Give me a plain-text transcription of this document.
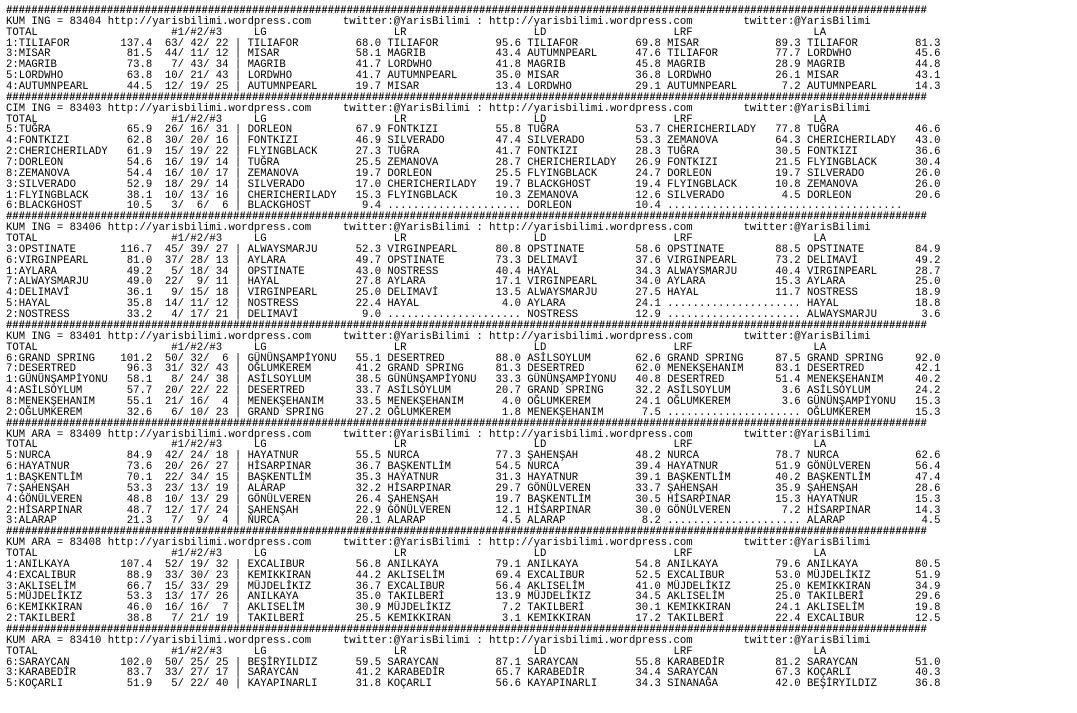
##################################################################################################################################################
KUM ING = 83404 http://yarisbilimi.wordpress.com     twitter:@YarisBilimi : http://yarisbilimi.wordpress.com        twitter:@YarisBilimi
TOTAL                     #1/#2/#3     LG                    LR                    LD                    LRF                   LA
1:TILIAFOR        137.4  63/ 42/ 22 | TILIAFOR         68.0 TILIAFOR         95.6 TILIAFOR         69.8 MISAR            89.3 TILIAFOR         81.3
3:MISAR            81.5  44/ 11/ 12 | MISAR            58.1 MAGRIB           43.4 AUTUMNPEARL      47.6 TILIAFOR         77.7 LORDWHO          45.6
2:MAGRIB           73.8   7/ 43/ 34 | MAGRIB           41.7 LORDWHO          41.8 MAGRIB           45.8 MAGRIB           28.9 MAGRIB           44.8
5:LORDWHO          63.8  10/ 21/ 43 | LORDWHO          41.7 AUTUMNPEARL      35.0 MISAR            36.8 LORDWHO          26.1 MISAR            43.1
4:AUTUMNPEARL      44.5  12/ 19/ 25 | AUTUMNPEARL      19.7 MISAR            13.4 LORDWHO          29.1 AUTUMNPEARL       7.2 AUTUMNPEARL      14.3
##################################################################################################################################################
CIM ING = 83403 http://yarisbilimi.wordpress.com     twitter:@YarisBilimi : http://yarisbilimi.wordpress.com        twitter:@YarisBilimi
TOTAL                     #1/#2/#3     LG                    LR                    LD                    LRF                   LA
5:TUĞRA            65.9  26/ 16/ 31 | DORLEON          67.9 FONTKIZI         55.8 TUĞRA            53.7 CHERICHERILADY   77.8 TUĞRA            46.6
4:FONTKIZI         62.8  30/ 20/ 16 | FONTKIZI         46.9 SILVERADO        47.4 SILVERADO        53.3 ZEMANOVA         64.3 CHERICHERILADY   43.0
2:CHERICHERILADY   61.9  15/ 19/ 22 | FLYINGBLACK      27.3 TUĞRA            41.7 FONTKIZI         28.3 TUĞRA            30.5 FONTKIZI         36.6
7:DORLEON          54.6  16/ 19/ 14 | TUĞRA            25.5 ZEMANOVA         28.7 CHERICHERILADY   26.9 FONTKIZI         21.5 FLYINGBLACK      30.4
8:ZEMANOVA         54.4  16/ 10/ 17 | ZEMANOVA         19.7 DORLEON          25.5 FLYINGBLACK      24.7 DORLEON          19.7 SILVERADO        26.0
3:SILVERADO        52.9  18/ 29/ 14 | SILVERADO        17.0 CHERICHERILADY   19.7 BLACKGHOST       19.4 FLYINGBLACK      10.8 ZEMANOVA         26.0
1:FLYINGBLACK      38.1  10/ 13/ 16 | CHERICHERILADY   15.3 FLYINGBLACK      10.3 ZEMANOVA         12.6 SILVERADO         4.5 DORLEON          20.6
6:BLACKGHOST       10.5   3/  6/  6 | BLACKGHOST        9.4 ..................... DORLEON          10.4 .....................................
##################################################################################################################################################
KUM ING = 83406 http://yarisbilimi.wordpress.com     twitter:@YarisBilimi : http://yarisbilimi.wordpress.com        twitter:@YarisBilimi
TOTAL                     #1/#2/#3     LG                    LR                    LD                    LRF                   LA
3:OPSTINATE       116.7  45/ 39/ 27 | ALWAYSMARJU      52.3 VIRGINPEARL      80.8 OPSTINATE        58.6 OPSTINATE        88.5 OPSTINATE        84.9
6:VIRGINPEARL      81.0  37/ 28/ 13 | AYLARA           49.7 OPSTINATE        73.3 DELIMAVİ         37.6 VIRGINPEARL      73.2 DELIMAVİ         49.2
1:AYLARA           49.2   5/ 18/ 34 | OPSTINATE        43.0 NOSTRESS         40.4 HAYAL            34.3 ALWAYSMARJU      40.4 VIRGINPEARL      28.7
7:ALWAYSMARJU      49.0  22/  9/ 11 | HAYAL            27.8 AYLARA           17.1 VIRGINPEARL      34.0 AYLARA           15.3 AYLARA           25.0
4:DELIMAVİ         36.1   9/ 15/ 18 | VIRGINPEARL      25.0 DELIMAVİ         13.5 ALWAYSMARJU      27.5 HAYAL            11.7 NOSTRESS         18.9
5:HAYAL            35.8  14/ 11/ 12 | NOSTRESS         22.4 HAYAL             4.0 AYLARA           24.1 ..................... HAYAL            18.8
2:NOSTRESS         33.2   4/ 17/ 21 | DELIMAVİ          9.0 ..................... NOSTRESS         12.9 ..................... ALWAYSMARJU       3.6
##################################################################################################################################################
KUM ING = 83401 http://yarisbilimi.wordpress.com     twitter:@YarisBilimi : http://yarisbilimi.wordpress.com        twitter:@YarisBilimi
TOTAL                     #1/#2/#3     LG                    LR                    LD                    LRF                   LA
6:GRAND SPRING    101.2  50/ 32/  6 | GÜNÜNŞAMPİYONU   55.1 DESERTRED        88.0 ASİLSOYLUM       62.6 GRAND SPRING     87.5 GRAND SPRING     92.0
7:DESERTRED        96.3  31/ 32/ 43 | OĞLUMKEREM       41.2 GRAND SPRING     81.3 DESERTRED        62.0 MENEKŞEHANIM     83.1 DESERTRED        42.1
1:GÜNÜNŞAMPİYONU   58.1   8/ 24/ 38 | ASİLSOYLUM       38.5 GÜNÜNŞAMPİYONU   33.3 GÜNÜNŞAMPİYONU   40.8 DESERTRED        51.4 MENEKŞEHANIM     40.2
4:ASİLSOYLUM       57.7  20/ 22/ 22 | DESERTRED        33.7 ASİLSOYLUM       20.7 GRAND SPRING     32.2 ASİLSOYLUM        3.6 ASİLSOYLUM       24.2
8:MENEKŞEHANIM     55.1  21/ 16/  4 | MENEKŞEHANIM     33.5 MENEKŞEHANIM      4.0 OĞLUMKEREM       24.1 OĞLUMKEREM        3.6 GÜNÜNŞAMPİYONU   15.3
2:OĞLUMKEREM       32.6   6/ 10/ 23 | GRAND SPRING     27.2 OĞLUMKEREM        1.8 MENEKŞEHANIM      7.5 ..................... OĞLUMKEREM       15.3
##################################################################################################################################################
KUM ARA = 83409 http://yarisbilimi.wordpress.com     twitter:@YarisBilimi : http://yarisbilimi.wordpress.com        twitter:@YarisBilimi
TOTAL                     #1/#2/#3     LG                    LR                    LD                    LRF                   LA
5:NURCA            84.9  42/ 24/ 18 | HAYATNUR         55.5 NURCA            77.3 ŞAHENŞAH         48.2 NURCA            78.7 NURCA            62.6
6:HAYATNUR         73.6  20/ 26/ 27 | HİSARPINAR       36.7 BAŞKENTLİM       54.5 NURCA            39.4 HAYATNUR         51.9 GÖNÜLVEREN       56.4
1:BAŞKENTLİM       70.1  22/ 34/ 15 | BAŞKENTLİM       35.3 HAYATNUR         31.3 HAYATNUR         39.1 BAŞKENTLİM       40.2 BAŞKENTLİM       47.4
7:ŞAHENŞAH         53.3  23/ 13/ 19 | ALARAP           32.2 HİSARPINAR       29.7 GÖNÜLVEREN       33.7 ŞAHENŞAH         35.9 ŞAHENŞAH         28.6
4:GÖNÜLVEREN       48.8  10/ 13/ 29 | GÖNÜLVEREN       26.4 ŞAHENŞAH         19.7 BAŞKENTLİM       30.5 HİSARPINAR       15.3 HAYATNUR         15.3
2:HİSARPINAR       48.7  12/ 17/ 24 | ŞAHENŞAH         22.9 GÖNÜLVEREN       12.1 HİSARPINAR       30.0 GÖNÜLVEREN        7.2 HİSARPINAR       14.3
3:ALARAP           21.3   7/  9/  4 | NURCA            20.1 ALARAP            4.5 ALARAP            8.2 ..................... ALARAP            4.5
##################################################################################################################################################
KUM ARA = 83408 http://yarisbilimi.wordpress.com     twitter:@YarisBilimi : http://yarisbilimi.wordpress.com        twitter:@YarisBilimi
TOTAL                     #1/#2/#3     LG                    LR                    LD                    LRF                   LA
1:ANILKAYA        107.4  52/ 19/ 32 | EXCALIBUR        56.8 ANILKAYA         79.1 ANILKAYA         54.8 ANILKAYA         79.6 ANILKAYA         80.5
4:EXCALIBUR        88.9  33/ 30/ 23 | KEMIKKIRAN       44.2 AKLISELİM        69.4 EXCALIBUR        52.5 EXCALIBUR        53.0 MÜJDELİKIZ       51.9
3:AKLISELİM        66.7  15/ 33/ 29 | MÜJDELİKIZ       36.7 EXCALIBUR        56.4 AKLISELİM        41.0 MÜJDELİKIZ       25.0 KEMIKKIRAN       34.9
5:MÜJDELİKIZ       53.3  13/ 17/ 26 | ANILKAYA         35.0 TAKILBERİ        13.9 MÜJDELİKIZ       34.5 AKLISELİM        25.0 TAKILBERİ        29.6
6:KEMIKKIRAN       46.0  16/ 16/  7 | AKLISELİM        30.9 MÜJDELİKIZ        7.2 TAKILBERİ        30.1 KEMIKKIRAN       24.1 AKLISELİM        19.8
2:TAKILBERİ        38.8   7/ 21/ 19 | TAKILBERİ        25.5 KEMIKKIRAN        3.1 KEMIKKIRAN       17.2 TAKILBERİ        22.4 EXCALIBUR        12.5
##################################################################################################################################################
KUM ARA = 83410 http://yarisbilimi.wordpress.com     twitter:@YarisBilimi : http://yarisbilimi.wordpress.com        twitter:@YarisBilimi
TOTAL                     #1/#2/#3     LG                    LR                    LD                    LRF                   LA
6:SARAYCAN        102.0  50/ 25/ 25 | BEŞİRYILDIZ      59.5 SARAYCAN         87.1 SARAYCAN         55.8 KARABEDİR        81.2 SARAYCAN         51.0
3:KARABEDİR        83.7  33/ 27/ 17 | SARAYCAN         41.2 KARABEDİR        65.7 KARABEDİR        34.4 SARAYCAN         67.3 KOÇARLI          40.3
5:KOÇARLI          51.9   5/ 22/ 40 | KAYAPINARLI      31.8 KOÇARLI          56.6 KAYAPINARLI      34.3 SINANAĞA         42.0 BEŞİRYILDIZ      36.8
